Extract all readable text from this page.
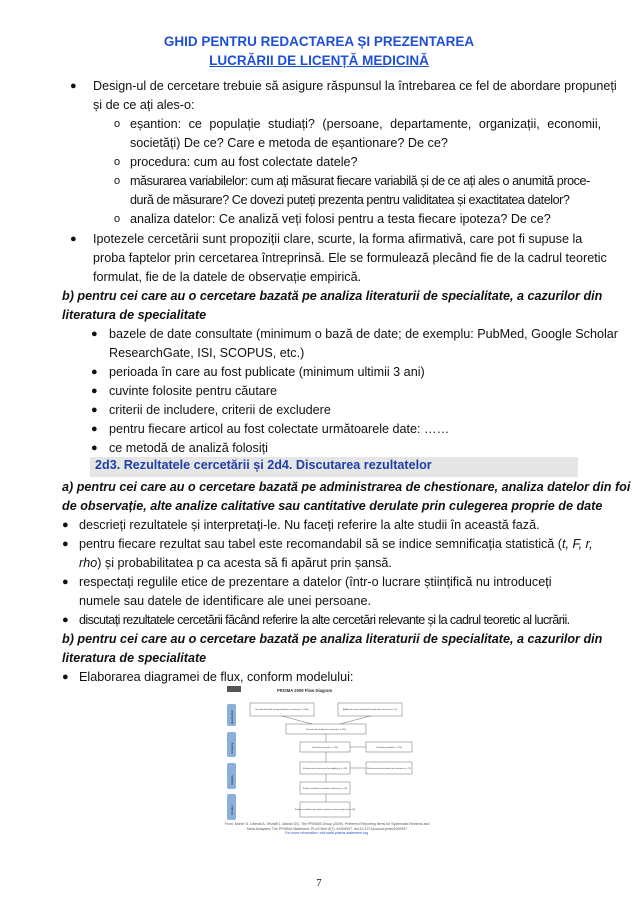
GHID PENTRU REDACTAREA ȘI PREZENTAREA
LUCRĂRII DE LICENȚĂ MEDICINĂ
● Design-ul de cercetare trebuie să asigure răspunsul la întrebarea ce fel de abordare propuneți
și de ce ați ales-o:
o eșantion: ce populație studiați? (persoane, departamente, organizații, economii,
societăți) De ce? Care e metoda de eșantionare? De ce?
o procedura: cum au fost colectate datele?
o măsurarea variabilelor: cum ați măsurat fiecare variabilă și de ce ați ales o anumită proce-
dură de măsurare? Ce dovezi puteți prezenta pentru validitatea și exactitatea datelor?
o analiza datelor: Ce analiză veți folosi pentru a testa fiecare ipoteza? De ce?
● Ipotezele cercetării sunt propoziții clare, scurte, la forma afirmativă, care pot fi supuse la
proba faptelor prin cercetarea întreprinsă. Ele se formulează plecând fie de la cadrul teoretic
formulat, fie de la datele de observație empirică.
b) pentru cei care au o cercetare bazată pe analiza literaturii de specialitate, a cazurilor din
literatura de specialitate
● bazele de date consultate (minimum o bază de date; de exemplu: PubMed, Google Scholar
ResearchGate, ISI, SCOPUS, etc.)
● perioada în care au fost publicate (minimum ultimii 3 ani)
● cuvinte folosite pentru căutare
● criterii de includere, criterii de excludere
● pentru fiecare articol au fost colectate următoarele date: ……
● ce metodă de analiză folosiți
2d3. Rezultatele cercetării și 2d4. Discutarea rezultatelor
a) pentru cei care au o cercetare bazată pe administrarea de chestionare, analiza datelor din foi
de observație, alte analize calitative sau cantitative derulate prin culegerea proprie de date
● descrieți rezultatele și interpretați-le. Nu faceți referire la alte studii în această fază.
● pentru fiecare rezultat sau tabel este recomandabil să se indice semnificația statistică (t, F, r,
rho) și probabilitatea p ca acesta să fi apărut prin șansă.
● respectați regulile etice de prezentare a datelor (într-o lucrare științifică nu introduceți
numele sau datele de identificare ale unei persoane.
● discutați rezultatele cercetării făcând referire la alte cercetări relevante și la cadrul teoretic al lucrării.
b) pentru cei care au o cercetare bazată pe analiza literaturii de specialitate, a cazurilor din
literatura de specialitate
● Elaborarea diagramei de flux, conform modelului:
PRISMA 2009 Flow Diagram
Identification
Screening
Eligibility
Included
Records identified through database searching (n = 1000)	Additional records identified through other sources (n = 10)
Records after duplicates removed (n = 950)
Records screened (n = 700)	Records excluded (n = 570)
Full-text articles assessed for eligibility (n = 130)	Full-text articles excluded, with reasons (n = 72)
Studies included in qualitative synthesis (n = 58)
Studies included in quantitative synthesis (meta-analysis) (n = 58)
From: Moher D, Liberati A, Tetzlaff J, Altman DG, The PRISMA Group (2009). Preferred Reporting Items for Systematic Reviews and Meta-Analyses: The PRISMA Statement. PLoS Med 6(7): e1000097. doi:10.1371/journal.pmed1000097
For more information, visit www.prisma-statement.org.
7
